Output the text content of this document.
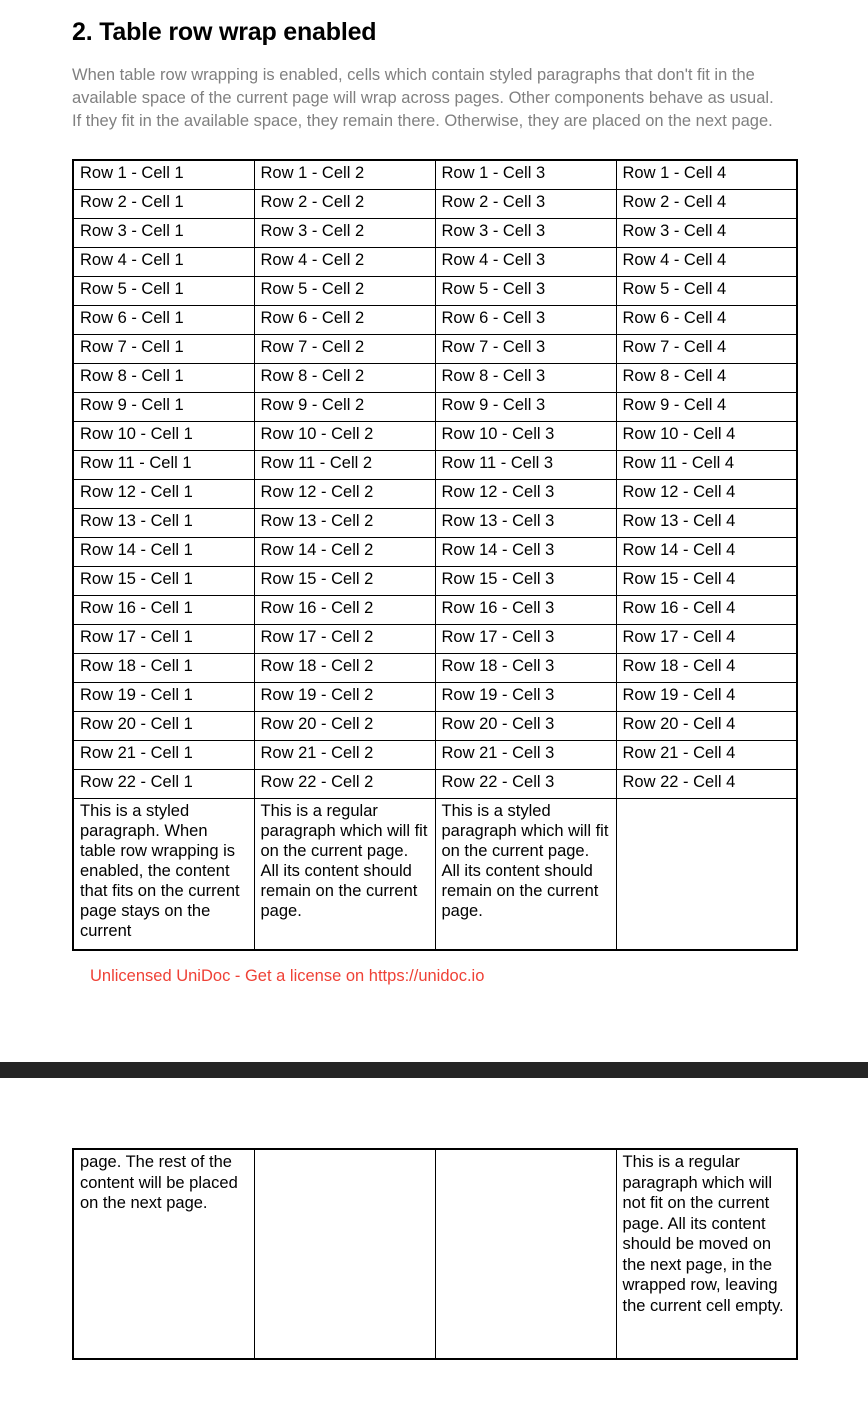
2. Table row wrap enabled

When table row wrapping is enabled, cells which contain styled paragraphs that don't fit in the available space of the current page will wrap across pages. Other components behave as usual. If they fit in the available space, they remain there. Otherwise, they are placed on the next page.

Row 1 - Cell 1	Row 1 - Cell 2	Row 1 - Cell 3	Row 1 - Cell 4
Row 2 - Cell 1	Row 2 - Cell 2	Row 2 - Cell 3	Row 2 - Cell 4
Row 3 - Cell 1	Row 3 - Cell 2	Row 3 - Cell 3	Row 3 - Cell 4
Row 4 - Cell 1	Row 4 - Cell 2	Row 4 - Cell 3	Row 4 - Cell 4
Row 5 - Cell 1	Row 5 - Cell 2	Row 5 - Cell 3	Row 5 - Cell 4
Row 6 - Cell 1	Row 6 - Cell 2	Row 6 - Cell 3	Row 6 - Cell 4
Row 7 - Cell 1	Row 7 - Cell 2	Row 7 - Cell 3	Row 7 - Cell 4
Row 8 - Cell 1	Row 8 - Cell 2	Row 8 - Cell 3	Row 8 - Cell 4
Row 9 - Cell 1	Row 9 - Cell 2	Row 9 - Cell 3	Row 9 - Cell 4
Row 10 - Cell 1	Row 10 - Cell 2	Row 10 - Cell 3	Row 10 - Cell 4
Row 11 - Cell 1	Row 11 - Cell 2	Row 11 - Cell 3	Row 11 - Cell 4
Row 12 - Cell 1	Row 12 - Cell 2	Row 12 - Cell 3	Row 12 - Cell 4
Row 13 - Cell 1	Row 13 - Cell 2	Row 13 - Cell 3	Row 13 - Cell 4
Row 14 - Cell 1	Row 14 - Cell 2	Row 14 - Cell 3	Row 14 - Cell 4
Row 15 - Cell 1	Row 15 - Cell 2	Row 15 - Cell 3	Row 15 - Cell 4
Row 16 - Cell 1	Row 16 - Cell 2	Row 16 - Cell 3	Row 16 - Cell 4
Row 17 - Cell 1	Row 17 - Cell 2	Row 17 - Cell 3	Row 17 - Cell 4
Row 18 - Cell 1	Row 18 - Cell 2	Row 18 - Cell 3	Row 18 - Cell 4
Row 19 - Cell 1	Row 19 - Cell 2	Row 19 - Cell 3	Row 19 - Cell 4
Row 20 - Cell 1	Row 20 - Cell 2	Row 20 - Cell 3	Row 20 - Cell 4
Row 21 - Cell 1	Row 21 - Cell 2	Row 21 - Cell 3	Row 21 - Cell 4
Row 22 - Cell 1	Row 22 - Cell 2	Row 22 - Cell 3	Row 22 - Cell 4
This is a styled paragraph. When table row wrapping is enabled, the content that fits on the current page stays on the current	This is a regular paragraph which will fit on the current page. All its content should remain on the current page.	This is a styled paragraph which will fit on the current page. All its content should remain on the current page.	

Unlicensed UniDoc - Get a license on https://unidoc.io

page. The rest of the content will be placed on the next page.			This is a regular paragraph which will not fit on the current page. All its content should be moved on the next page, in the wrapped row, leaving the current cell empty.
